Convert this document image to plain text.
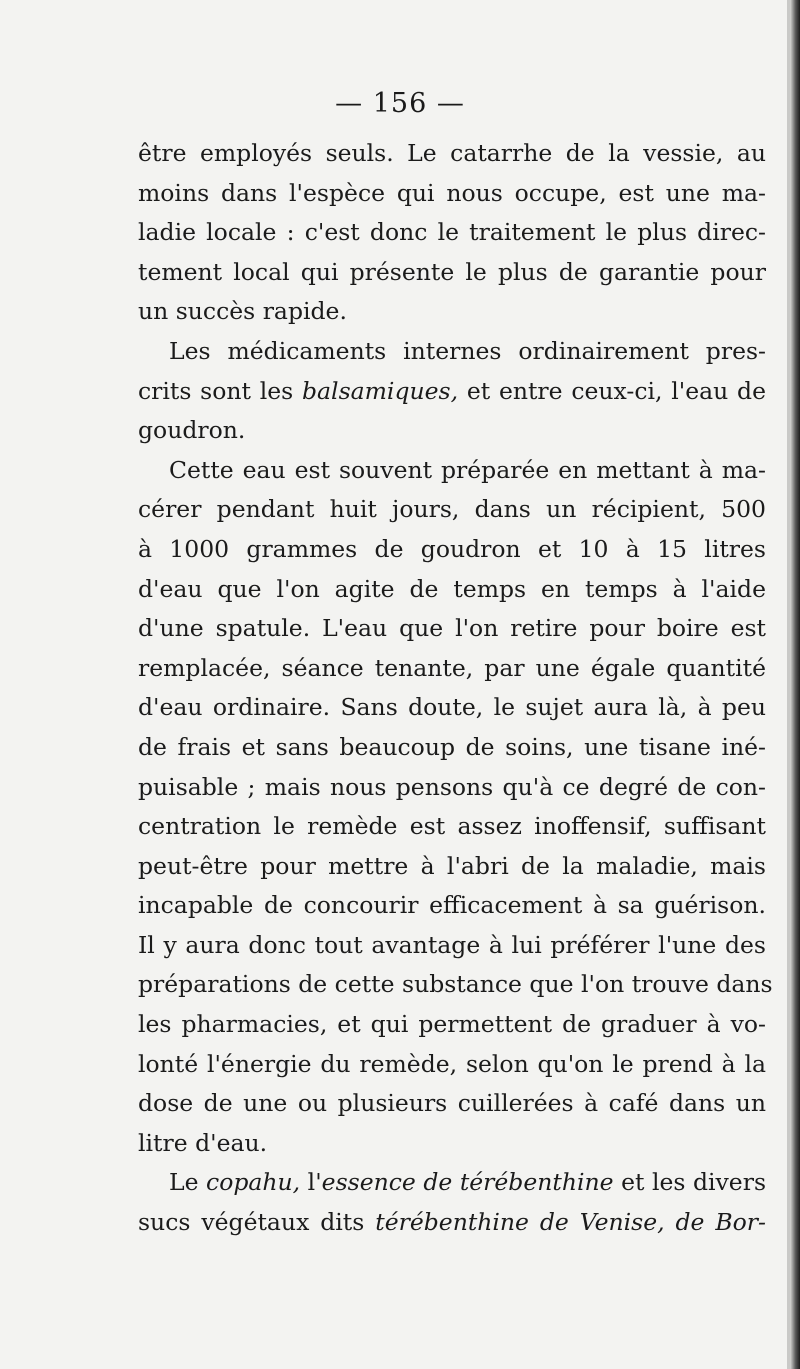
— 156 —
être employés seuls. Le catarrhe de la vessie, au
moins dans l'espèce qui nous occupe, est une ma-
ladie locale : c'est donc le traitement le plus direc-
tement local qui présente le plus de garantie pour
un succès rapide.
Les médicaments internes ordinairement pres-
crits sont les balsamiques, et entre ceux-ci, l'eau de
goudron.
Cette eau est souvent préparée en mettant à ma-
cérer pendant huit jours, dans un récipient, 500
à 1000 grammes de goudron et 10 à 15 litres
d'eau que l'on agite de temps en temps à l'aide
d'une spatule. L'eau que l'on retire pour boire est
remplacée, séance tenante, par une égale quantité
d'eau ordinaire. Sans doute, le sujet aura là, à peu
de frais et sans beaucoup de soins, une tisane iné-
puisable ; mais nous pensons qu'à ce degré de con-
centration le remède est assez inoffensif, suffisant
peut-être pour mettre à l'abri de la maladie, mais
incapable de concourir efficacement à sa guérison.
Il y aura donc tout avantage à lui préférer l'une des
préparations de cette substance que l'on trouve dans
les pharmacies, et qui permettent de graduer à vo-
lonté l'énergie du remède, selon qu'on le prend à la
dose de une ou plusieurs cuillerées à café dans un
litre d'eau.
Le copahu, l'essence de térébenthine et les divers
sucs végétaux dits térébenthine de Venise, de Bor-
